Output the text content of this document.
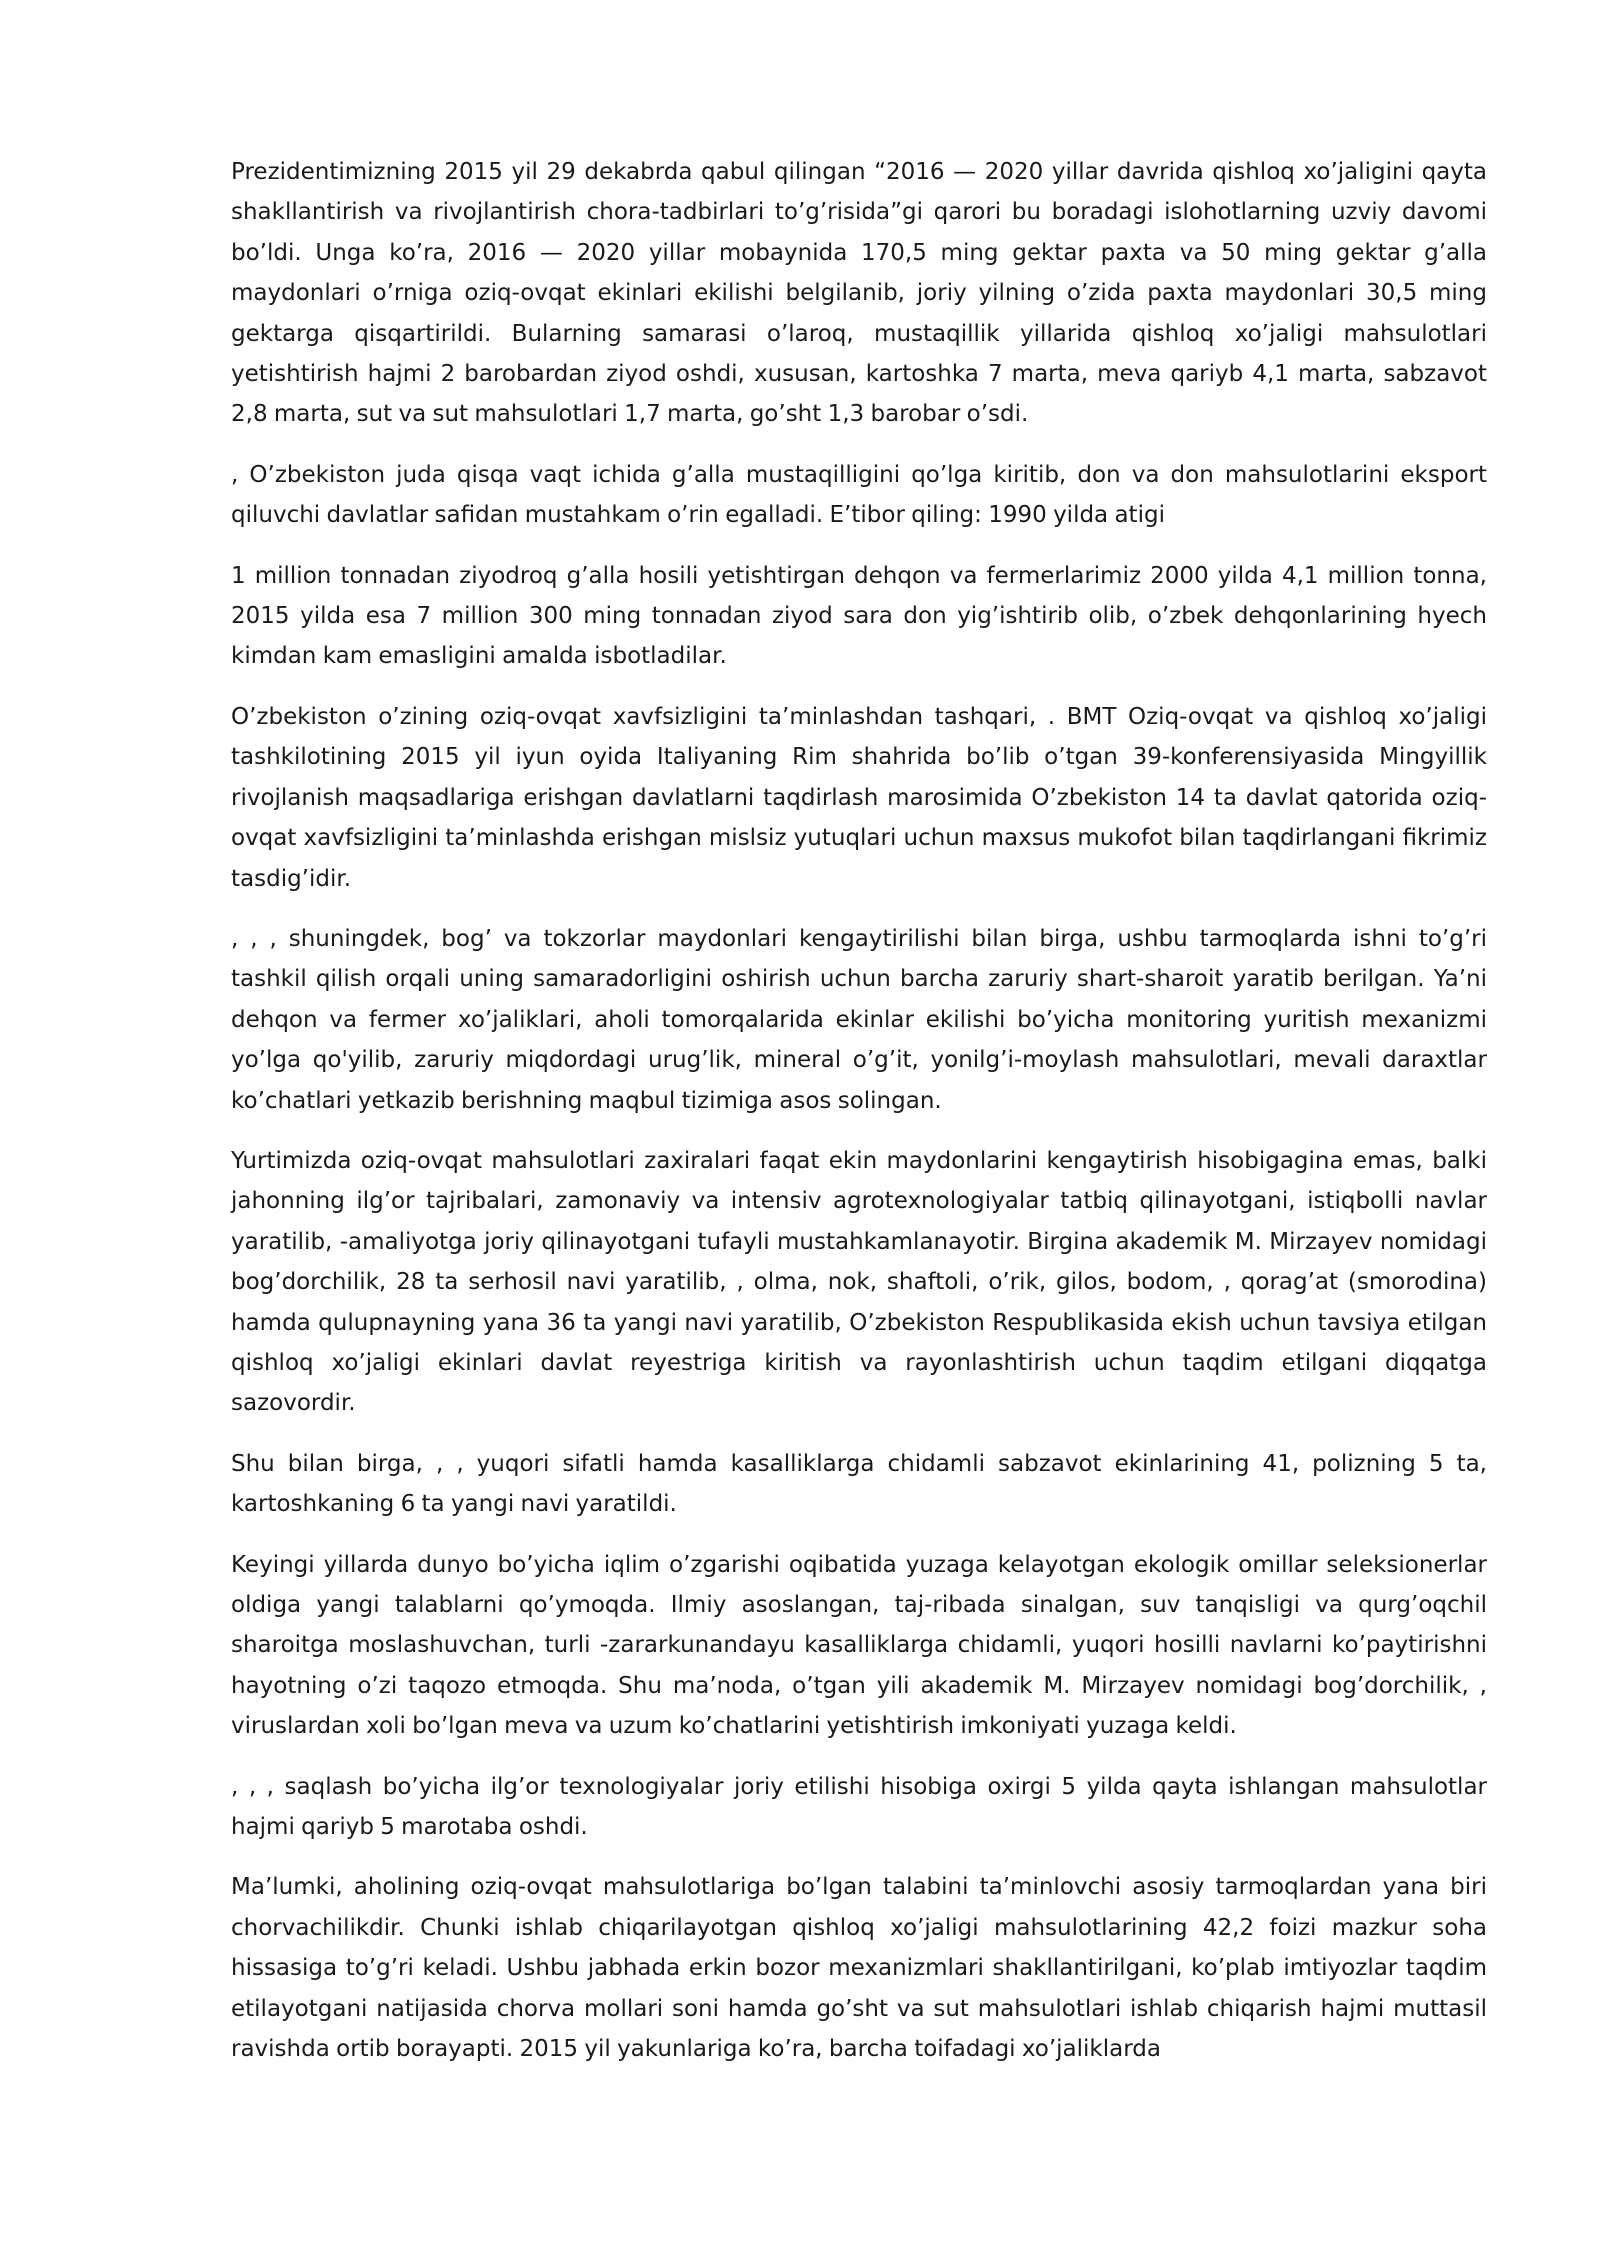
Prezidentimizning 2015 yil 29 dekabrda qabul qilingan “2016 — 2020 yillar davrida qishloq xo’jaligini qayta shakllantirish va rivojlantirish chora-tadbirlari to’g’risida”gi qarori bu boradagi islohotlarning uzviy davomi bo’ldi. Unga ko’ra, 2016 — 2020 yillar mobaynida 170,5 ming gektar paxta va 50 ming gektar g’alla maydonlari o’rniga oziq-ovqat ekinlari ekilishi belgilanib, joriy yilning o’zida paxta maydonlari 30,5 ming gektarga qisqartirildi. Bularning samarasi o’laroq, mustaqillik yillarida qishloq xo’jaligi mahsulotlari yetishtirish hajmi 2 barobardan ziyod oshdi, xususan, kartoshka 7 marta, meva qariyb 4,1 marta, sabzavot 2,8 marta, sut va sut mahsulotlari 1,7 marta, go’sht 1,3 barobar o’sdi.

, O’zbekiston juda qisqa vaqt ichida g’alla mustaqilligini qo’lga kiritib, don va don mahsulotlarini eksport qiluvchi davlatlar safidan mustahkam o’rin egalladi. E’tibor qiling: 1990 yilda atigi

1 million tonnadan ziyodroq g’alla hosili yetishtirgan dehqon va fermerlarimiz 2000 yilda 4,1 million tonna, 2015 yilda esa 7 million 300 ming tonnadan ziyod sara don yig’ishtirib olib, o’zbek dehqonlarining hyech kimdan kam emasligini amalda isbotladilar.

O’zbekiston o’zining oziq-ovqat xavfsizligini ta’minlashdan tashqari, . BMT Oziq-ovqat va qishloq xo’jaligi tashkilotining 2015 yil iyun oyida Italiyaning Rim shahrida bo’lib o’tgan 39-konferensiyasida Mingyillik rivojlanish maqsadlariga erishgan davlatlarni taqdirlash marosimida O’zbekiston 14 ta davlat qatorida oziq-ovqat xavfsizligini ta’minlashda erishgan mislsiz yutuqlari uchun maxsus mukofot bilan taqdirlangani fikrimiz tasdig’idir.

, , , shuningdek, bog’ va tokzorlar maydonlari kengaytirilishi bilan birga, ushbu tarmoqlarda ishni to’g’ri tashkil qilish orqali uning samaradorligini oshirish uchun barcha zaruriy shart-sharoit yaratib berilgan. Ya’ni dehqon va fermer xo’jaliklari, aholi tomorqalarida ekinlar ekilishi bo’yicha monitoring yuritish mexanizmi yo’lga qo'yilib, zaruriy miqdordagi urug’lik, mineral o’g’it, yonilg’i-moylash mahsulotlari, mevali daraxtlar ko’chatlari yetkazib berishning maqbul tizimiga asos solingan.

Yurtimizda oziq-ovqat mahsulotlari zaxiralari faqat ekin maydonlarini kengaytirish hisobigagina emas, balki jahonning ilg’or tajribalari, zamonaviy va intensiv agrotexnologiyalar tatbiq qilinayotgani, istiqbolli navlar yaratilib, -amaliyotga joriy qilinayotgani tufayli mustahkamlanayotir. Birgina akademik M. Mirzayev nomidagi bog’dorchilik, 28 ta serhosil navi yaratilib, , olma, nok, shaftoli, o’rik, gilos, bodom, , qorag’at (smorodina) hamda qulupnayning yana 36 ta yangi navi yaratilib, O’zbekiston Respublikasida ekish uchun tavsiya etilgan qishloq xo’jaligi ekinlari davlat reyestriga kiritish va rayonlashtirish uchun taqdim etilgani diqqatga sazovordir.

Shu bilan birga, , , yuqori sifatli hamda kasalliklarga chidamli sabzavot ekinlarining 41, polizning 5 ta, kartoshkaning 6 ta yangi navi yaratildi.

Keyingi yillarda dunyo bo’yicha iqlim o’zgarishi oqibatida yuzaga kelayotgan ekologik omillar seleksionerlar oldiga yangi talablarni qo’ymoqda. Ilmiy asoslangan, taj-ribada sinalgan, suv tanqisligi va qurg’oqchil sharoitga moslashuvchan, turli -zararkunandayu kasalliklarga chidamli, yuqori hosilli navlarni ko’paytirishni hayotning o’zi taqozo etmoqda. Shu ma’noda, o’tgan yili akademik M. Mirzayev nomidagi bog’dorchilik, , viruslardan xoli bo’lgan meva va uzum ko’chatlarini yetishtirish imkoniyati yuzaga keldi.

, , , saqlash bo’yicha ilg’or texnologiyalar joriy etilishi hisobiga oxirgi 5 yilda qayta ishlangan mahsulotlar hajmi qariyb 5 marotaba oshdi.

Ma’lumki, aholining oziq-ovqat mahsulotlariga bo’lgan talabini ta’minlovchi asosiy tarmoqlardan yana biri chorvachilikdir. Chunki ishlab chiqarilayotgan qishloq xo’jaligi mahsulotlarining 42,2 foizi mazkur soha hissasiga to’g’ri keladi. Ushbu jabhada erkin bozor mexanizmlari shakllantirilgani, ko’plab imtiyozlar taqdim etilayotgani natijasida chorva mollari soni hamda go’sht va sut mahsulotlari ishlab chiqarish hajmi muttasil ravishda ortib borayapti. 2015 yil yakunlariga ko’ra, barcha toifadagi xo’jaliklarda
